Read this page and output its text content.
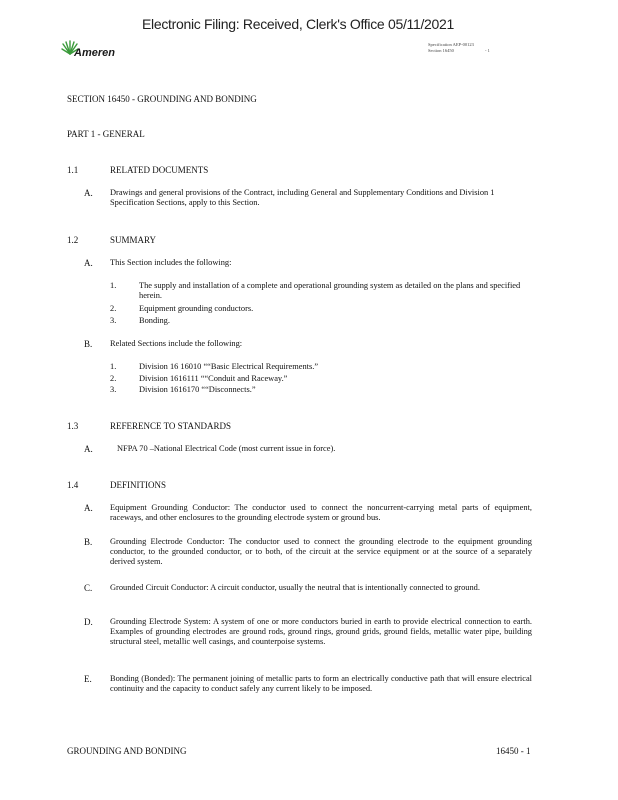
Electronic Filing: Received, Clerk's Office 05/11/2021
Ameren
Specification AEP-00123
Section 16450	- 1
SECTION 16450 - GROUNDING AND BONDING
PART 1 - GENERAL
1.1	RELATED DOCUMENTS
A. Drawings and general provisions of the Contract, including General and Supplementary Conditions and Division 1 Specification Sections, apply to this Section.
1.2	SUMMARY
A. This Section includes the following:
1.	The supply and installation of a complete and operational grounding system as detailed on the plans and specified herein.
2.	Equipment grounding conductors.
3.	Bonding.
B. Related Sections include the following:
1.	Division 16 16010 ““Basic Electrical Requirements.”
2.	Division 1616111 ““Conduit and Raceway.”
3.	Division 1616170 ““Disconnects.”
1.3	REFERENCE TO STANDARDS
A.	NFPA 70 –National Electrical Code (most current issue in force).
1.4	DEFINITIONS
A. Equipment Grounding Conductor: The conductor used to connect the noncurrent-carrying metal parts of equipment, raceways, and other enclosures to the grounding electrode system or ground bus.
B. Grounding Electrode Conductor: The conductor used to connect the grounding electrode to the equipment grounding conductor, to the grounded conductor, or to both, of the circuit at the service equipment or at the source of a separately derived system.
C. Grounded Circuit Conductor: A circuit conductor, usually the neutral that is intentionally connected to ground.
D. Grounding Electrode System: A system of one or more conductors buried in earth to provide electrical connection to earth. Examples of grounding electrodes are ground rods, ground rings, ground grids, ground fields, metallic water pipe, building structural steel, metallic well casings, and counterpoise systems.
E. Bonding (Bonded): The permanent joining of metallic parts to form an electrically conductive path that will ensure electrical continuity and the capacity to conduct safely any current likely to be imposed.
GROUNDING AND BONDING	16450 - 1
